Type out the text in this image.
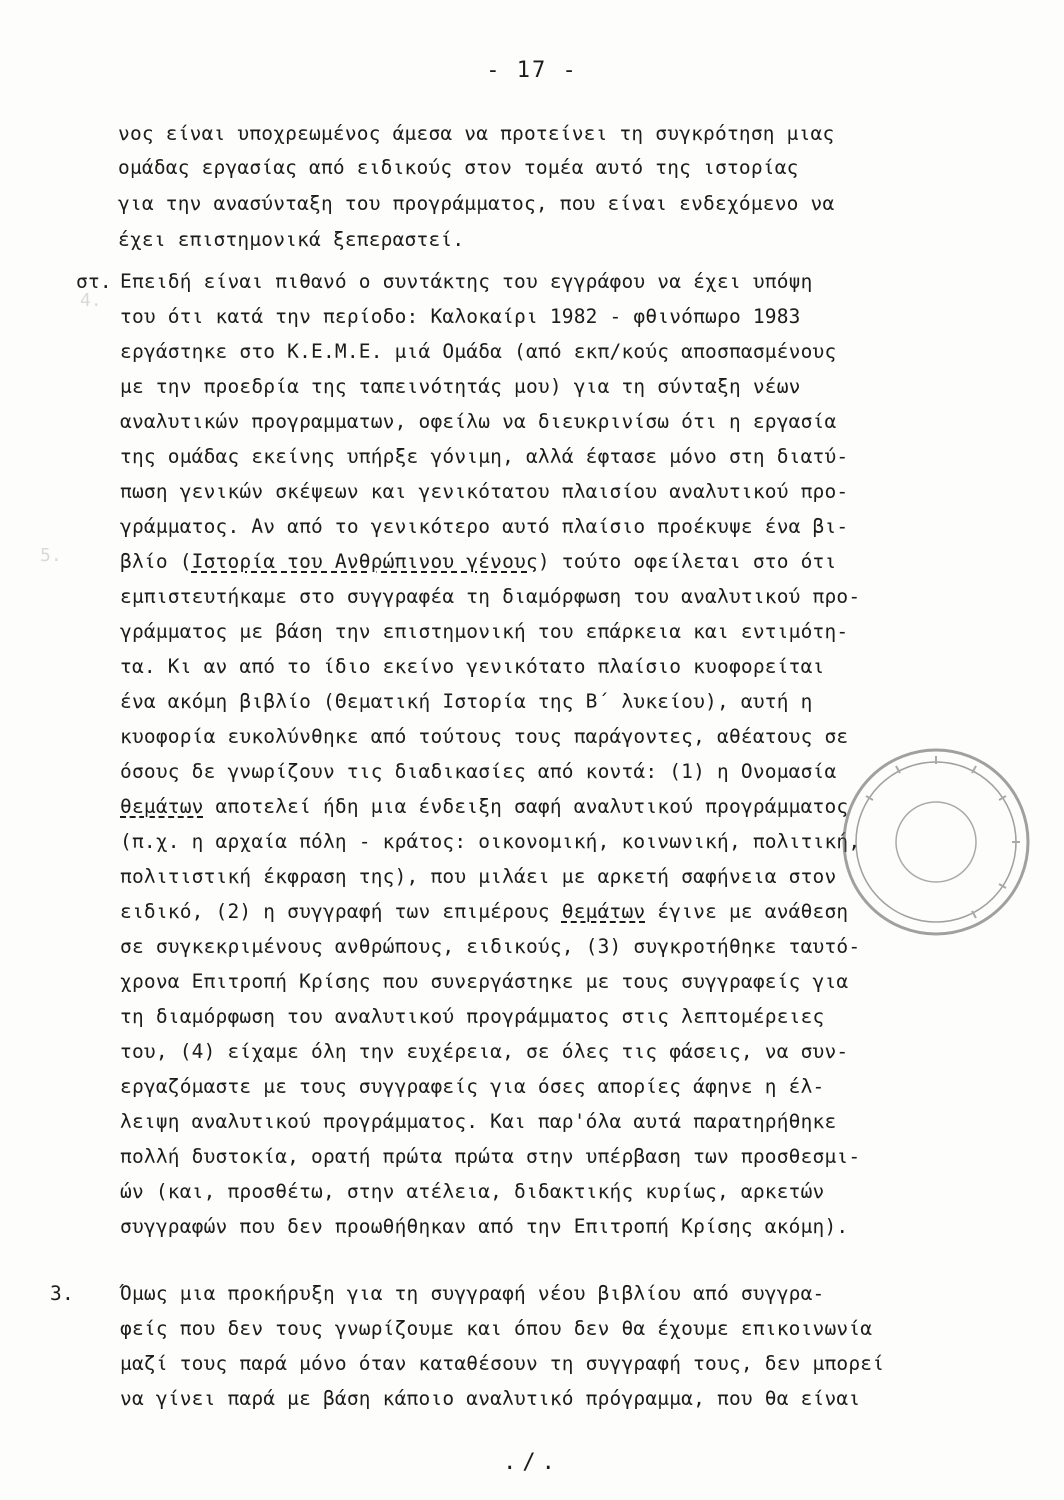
4.
5.
- 17 -
νος είναι υποχρεωμένος άμεσα να προτείνει τη συγκρότηση μιας
ομάδας εργασίας από ειδικούς στον τομέα αυτό της ιστορίας
για την ανασύνταξη του προγράμματος, που είναι ενδεχόμενο να
έχει επιστημονικά ξεπεραστεί.
στ. Επειδή είναι πιθανό ο συντάκτης του εγγράφου να έχει υπόψη
του ότι κατά την περίοδο: Καλοκαίρι 1982 - φθινόπωρο 1983
εργάστηκε στο Κ.Ε.Μ.Ε. μιά Ομάδα (από εκπ/κούς αποσπασμένους
με την προεδρία της ταπεινότητάς μου) για τη σύνταξη νέων
αναλυτικών προγραμματων, οφείλω να διευκρινίσω ότι η εργασία
της ομάδας εκείνης υπήρξε γόνιμη, αλλά έφτασε μόνο στη διατύ-
πωση γενικών σκέψεων και γενικότατου πλαισίου αναλυτικού προ-
γράμματος. Αν από το γενικότερο αυτό πλαίσιο προέκυψε ένα βι-
βλίο (Ιστορία του Ανθρώπινου γένους) τούτο οφείλεται στο ότι
εμπιστευτήκαμε στο συγγραφέα τη διαμόρφωση του αναλυτικού προ-
γράμματος με βάση την επιστημονική του επάρκεια και εντιμότη-
τα. Κι αν από το ίδιο εκείνο γενικότατο πλαίσιο κυοφορείται
ένα ακόμη βιβλίο (Θεματική Ιστορία της Β΄ λυκείου), αυτή η
κυοφορία ευκολύνθηκε από τούτους τους παράγοντες, αθέατους σε
όσους δε γνωρίζουν τις διαδικασίες από κοντά: (1) η Ονομασία
θεμάτων αποτελεί ήδη μια ένδειξη σαφή αναλυτικού προγράμματος
(π.χ. η αρχαία πόλη - κράτος: οικονομική, κοινωνική, πολιτική,
πολιτιστική έκφραση της), που μιλάει με αρκετή σαφήνεια στον
ειδικό, (2) η συγγραφή των επιμέρους θεμάτων έγινε με ανάθεση
σε συγκεκριμένους ανθρώπους, ειδικούς, (3) συγκροτήθηκε ταυτό-
χρονα Επιτροπή Κρίσης που συνεργάστηκε με τους συγγραφείς για
τη διαμόρφωση του αναλυτικού προγράμματος στις λεπτομέρειες
του, (4) είχαμε όλη την ευχέρεια, σε όλες τις φάσεις, να συν-
εργαζόμαστε με τους συγγραφείς για όσες απορίες άφηνε η έλ-
λειψη αναλυτικού προγράμματος. Και παρ'όλα αυτά παρατηρήθηκε
πολλή δυστοκία, ορατή πρώτα πρώτα στην υπέρβαση των προσθεσμι-
ών (και, προσθέτω, στην ατέλεια, διδακτικής κυρίως, αρκετών
συγγραφών που δεν προωθήθηκαν από την Επιτροπή Κρίσης ακόμη).
3. Όμως μια προκήρυξη για τη συγγραφή νέου βιβλίου από συγγρα-
φείς που δεν τους γνωρίζουμε και όπου δεν θα έχουμε επικοινωνία
μαζί τους παρά μόνο όταν καταθέσουν τη συγγραφή τους, δεν μπορεί
να γίνει παρά με βάση κάποιο αναλυτικό πρόγραμμα, που θα είναι
./.
